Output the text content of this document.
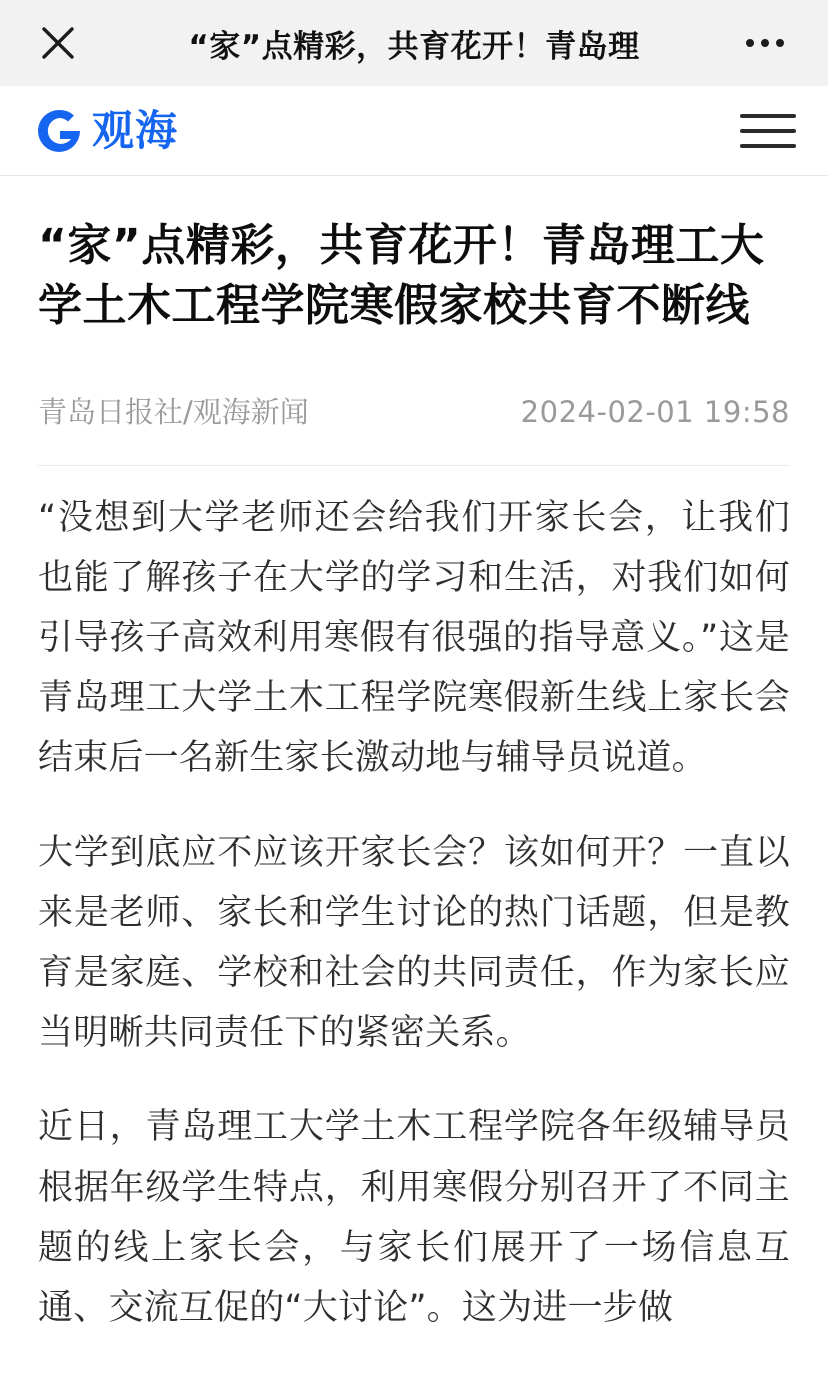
“家”点精彩，共育花开！青岛理
观海
“家”点精彩，共育花开！青岛理工大学土木工程学院寒假家校共育不断线
青岛日报社/观海新闻	2024-02-01 19:58

“没想到大学老师还会给我们开家长会，让我们也能了解孩子在大学的学习和生活，对我们如何引导孩子高效利用寒假有很强的指导意义。”这是青岛理工大学土木工程学院寒假新生线上家长会结束后一名新生家长激动地与辅导员说道。

大学到底应不应该开家长会？该如何开？一直以来是老师、家长和学生讨论的热门话题，但是教育是家庭、学校和社会的共同责任，作为家长应当明晰共同责任下的紧密关系。

近日，青岛理工大学土木工程学院各年级辅导员根据年级学生特点，利用寒假分别召开了不同主题的线上家长会，与家长们展开了一场信息互通、交流互促的“大讨论”。这为进一步做
